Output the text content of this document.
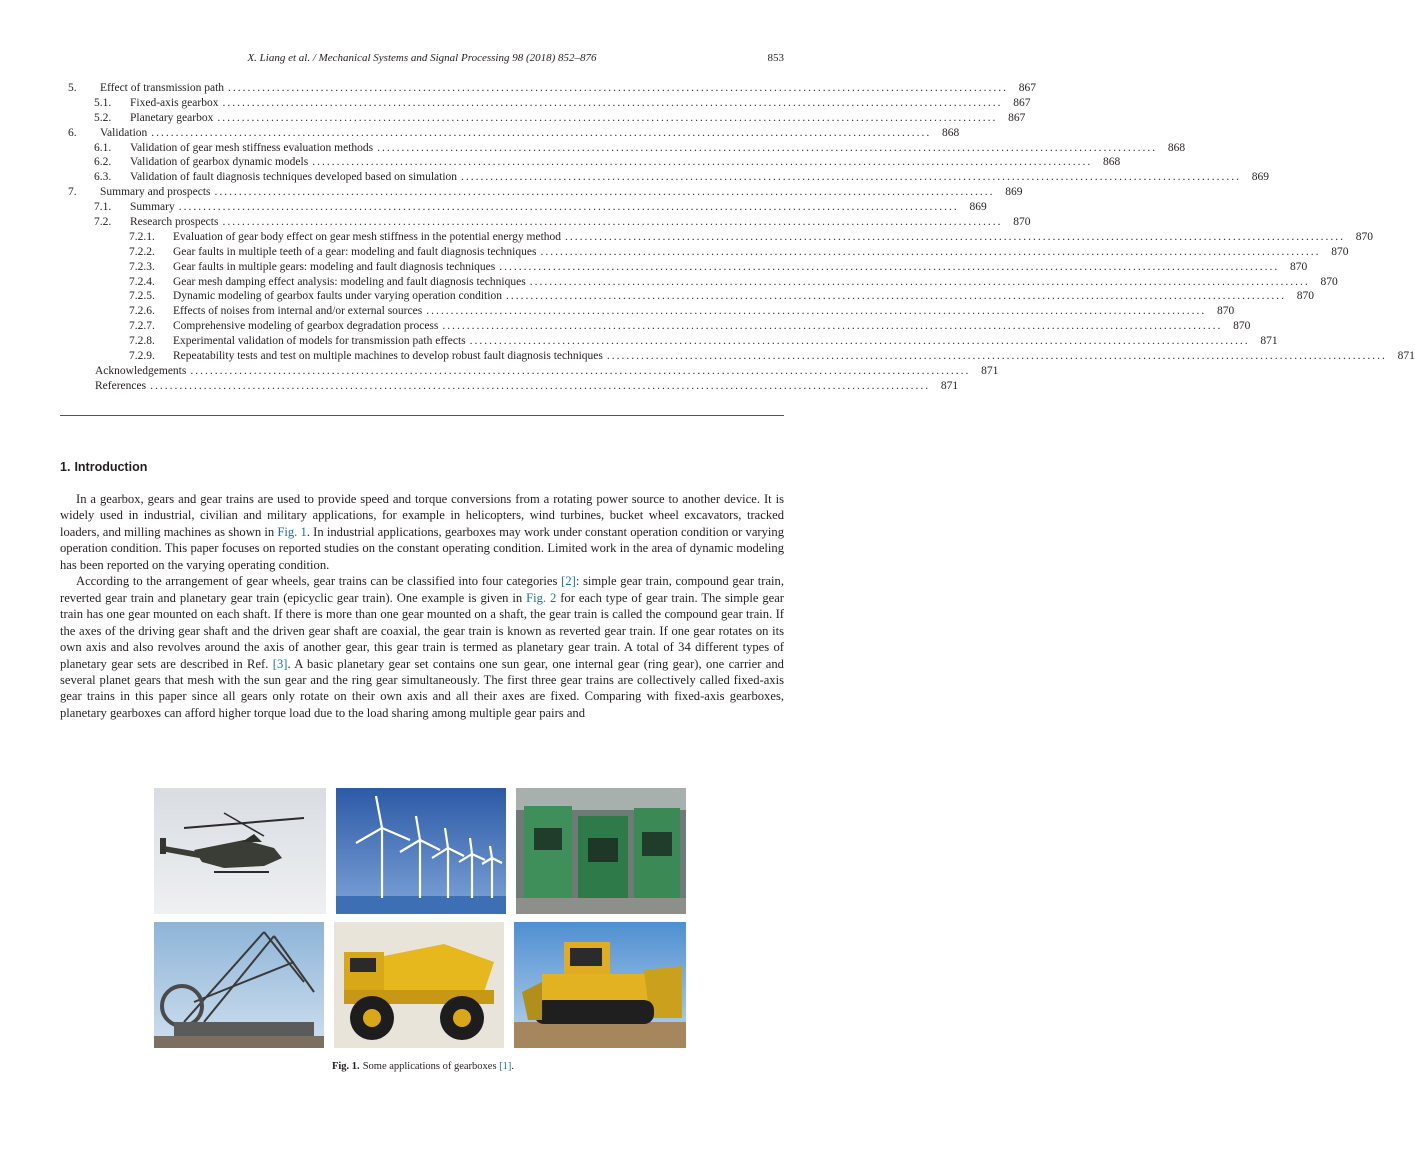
X. Liang et al. / Mechanical Systems and Signal Processing 98 (2018) 852–876	853
5.	Effect of transmission path ................................................................................................................................................................ 867
5.1.	Fixed-axis gearbox ................................................................................................................................................................ 867
5.2.	Planetary gearbox ................................................................................................................................................................ 867
6.	Validation ................................................................................................................................................................ 868
6.1.	Validation of gear mesh stiffness evaluation methods ................................................................................................................................................................ 868
6.2.	Validation of gearbox dynamic models ................................................................................................................................................................ 868
6.3.	Validation of fault diagnosis techniques developed based on simulation ................................................................................................................................................................ 869
7.	Summary and prospects ................................................................................................................................................................ 869
7.1.	Summary ................................................................................................................................................................ 869
7.2.	Research prospects ................................................................................................................................................................ 870
7.2.1.	Evaluation of gear body effect on gear mesh stiffness in the potential energy method ................................................................................................................................................................ 870
7.2.2.	Gear faults in multiple teeth of a gear: modeling and fault diagnosis techniques ................................................................................................................................................................ 870
7.2.3.	Gear faults in multiple gears: modeling and fault diagnosis techniques ................................................................................................................................................................ 870
7.2.4.	Gear mesh damping effect analysis: modeling and fault diagnosis techniques ................................................................................................................................................................ 870
7.2.5.	Dynamic modeling of gearbox faults under varying operation condition ................................................................................................................................................................ 870
7.2.6.	Effects of noises from internal and/or external sources ................................................................................................................................................................ 870
7.2.7.	Comprehensive modeling of gearbox degradation process ................................................................................................................................................................ 870
7.2.8.	Experimental validation of models for transmission path effects ................................................................................................................................................................ 871
7.2.9.	Repeatability tests and test on multiple machines to develop robust fault diagnosis techniques ................................................................................................................................................................ 871
Acknowledgements ................................................................................................................................................................ 871
References ................................................................................................................................................................ 871
1. Introduction

In a gearbox, gears and gear trains are used to provide speed and torque conversions from a rotating power source to another device. It is widely used in industrial, civilian and military applications, for example in helicopters, wind turbines, bucket wheel excavators, tracked loaders, and milling machines as shown in Fig. 1. In industrial applications, gearboxes may work under constant operation condition or varying operation condition. This paper focuses on reported studies on the constant operating condition. Limited work in the area of dynamic modeling has been reported on the varying operating condition.

According to the arrangement of gear wheels, gear trains can be classified into four categories [2]: simple gear train, compound gear train, reverted gear train and planetary gear train (epicyclic gear train). One example is given in Fig. 2 for each type of gear train. The simple gear train has one gear mounted on each shaft. If there is more than one gear mounted on a shaft, the gear train is called the compound gear train. If the axes of the driving gear shaft and the driven gear shaft are coaxial, the gear train is known as reverted gear train. If one gear rotates on its own axis and also revolves around the axis of another gear, this gear train is termed as planetary gear train. A total of 34 different types of planetary gear sets are described in Ref. [3]. A basic planetary gear set contains one sun gear, one internal gear (ring gear), one carrier and several planet gears that mesh with the sun gear and the ring gear simultaneously. The first three gear trains are collectively called fixed-axis gear trains in this paper since all gears only rotate on their own axis and all their axes are fixed. Comparing with fixed-axis gearboxes, planetary gearboxes can afford higher torque load due to the load sharing among multiple gear pairs and

Fig. 1. Some applications of gearboxes [1].
